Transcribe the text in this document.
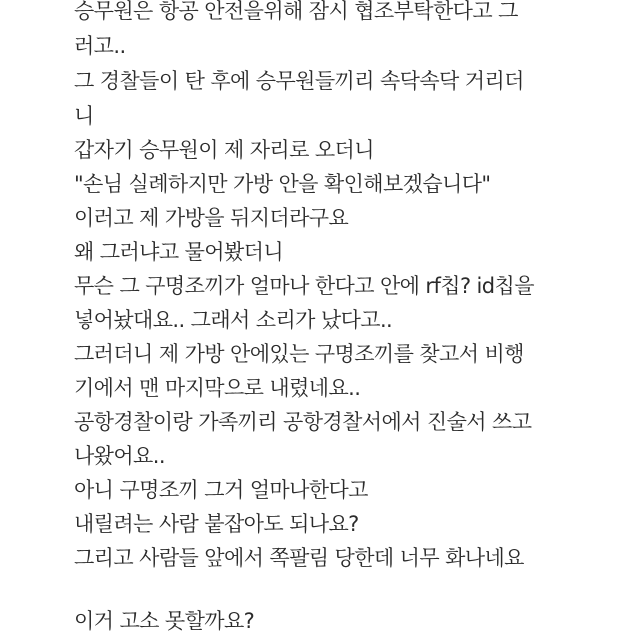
승무원은 항공 안전을위해 잠시 협조부탁한다고 그
러고..
그 경찰들이 탄 후에 승무원들끼리 속닥속닥 거리더
니
갑자기 승무원이 제 자리로 오더니
"손님 실례하지만 가방 안을 확인해보겠습니다"
이러고 제 가방을 뒤지더라구요
왜 그러냐고 물어봤더니
무슨 그 구명조끼가 얼마나 한다고 안에 rf칩? id칩을
넣어놨대요.. 그래서 소리가 났다고..
그러더니 제 가방 안에있는 구명조끼를 찾고서 비행
기에서 맨 마지막으로 내렸네요..
공항경찰이랑 가족끼리 공항경찰서에서 진술서 쓰고
나왔어요..
아니 구명조끼 그거 얼마나한다고
내릴려는 사람 붙잡아도 되나요?
그리고 사람들 앞에서 쪽팔림 당한데 너무 화나네요
이거 고소 못할까요?
